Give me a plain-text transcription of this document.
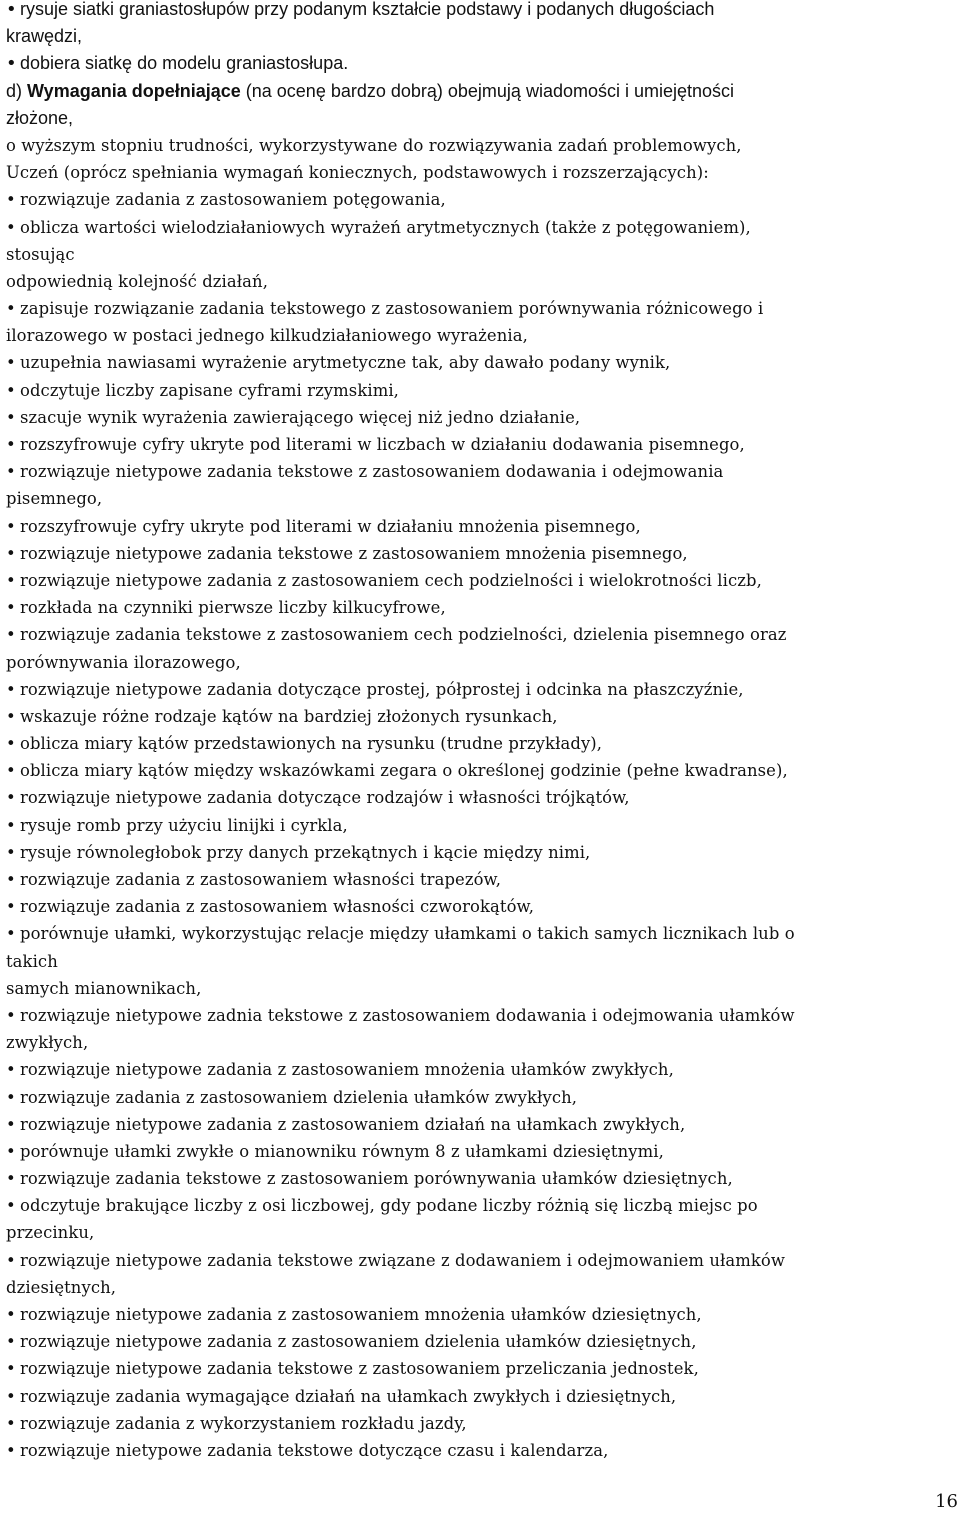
• rysuje siatki graniastosłupów przy podanym kształcie podstawy i podanych długościach
krawędzi,
• dobiera siatkę do modelu graniastosłupa.
d) Wymagania dopełniające (na ocenę bardzo dobrą) obejmują wiadomości i umiejętności
złożone,
o wyższym stopniu trudności, wykorzystywane do rozwiązywania zadań problemowych,
Uczeń (oprócz spełniania wymagań koniecznych, podstawowych i rozszerzających):
• rozwiązuje zadania z zastosowaniem potęgowania,
• oblicza wartości wielodziałaniowych wyrażeń arytmetycznych (także z potęgowaniem),
stosując
odpowiednią kolejność działań,
• zapisuje rozwiązanie zadania tekstowego z zastosowaniem porównywania różnicowego i
ilorazowego w postaci jednego kilkudziałaniowego wyrażenia,
• uzupełnia nawiasami wyrażenie arytmetyczne tak, aby dawało podany wynik,
• odczytuje liczby zapisane cyframi rzymskimi,
• szacuje wynik wyrażenia zawierającego więcej niż jedno działanie,
• rozszyfrowuje cyfry ukryte pod literami w liczbach w działaniu dodawania pisemnego,
• rozwiązuje nietypowe zadania tekstowe z zastosowaniem dodawania i odejmowania
pisemnego,
• rozszyfrowuje cyfry ukryte pod literami w działaniu mnożenia pisemnego,
• rozwiązuje nietypowe zadania tekstowe z zastosowaniem mnożenia pisemnego,
• rozwiązuje nietypowe zadania z zastosowaniem cech podzielności i wielokrotności liczb,
• rozkłada na czynniki pierwsze liczby kilkucyfrowe,
• rozwiązuje zadania tekstowe z zastosowaniem cech podzielności, dzielenia pisemnego oraz
porównywania ilorazowego,
• rozwiązuje nietypowe zadania dotyczące prostej, półprostej i odcinka na płaszczyźnie,
• wskazuje różne rodzaje kątów na bardziej złożonych rysunkach,
• oblicza miary kątów przedstawionych na rysunku (trudne przykłady),
• oblicza miary kątów między wskazówkami zegara o określonej godzinie (pełne kwadranse),
• rozwiązuje nietypowe zadania dotyczące rodzajów i własności trójkątów,
• rysuje romb przy użyciu linijki i cyrkla,
• rysuje równoległobok przy danych przekątnych i kącie między nimi,
• rozwiązuje zadania z zastosowaniem własności trapezów,
• rozwiązuje zadania z zastosowaniem własności czworokątów,
• porównuje ułamki, wykorzystując relacje między ułamkami o takich samych licznikach lub o
takich
samych mianownikach,
• rozwiązuje nietypowe zadnia tekstowe z zastosowaniem dodawania i odejmowania ułamków
zwykłych,
• rozwiązuje nietypowe zadania z zastosowaniem mnożenia ułamków zwykłych,
• rozwiązuje zadania z zastosowaniem dzielenia ułamków zwykłych,
• rozwiązuje nietypowe zadania z zastosowaniem działań na ułamkach zwykłych,
• porównuje ułamki zwykłe o mianowniku równym 8 z ułamkami dziesiętnymi,
• rozwiązuje zadania tekstowe z zastosowaniem porównywania ułamków dziesiętnych,
• odczytuje brakujące liczby z osi liczbowej, gdy podane liczby różnią się liczbą miejsc po
przecinku,
• rozwiązuje nietypowe zadania tekstowe związane z dodawaniem i odejmowaniem ułamków
dziesiętnych,
• rozwiązuje nietypowe zadania z zastosowaniem mnożenia ułamków dziesiętnych,
• rozwiązuje nietypowe zadania z zastosowaniem dzielenia ułamków dziesiętnych,
• rozwiązuje nietypowe zadania tekstowe z zastosowaniem przeliczania jednostek,
• rozwiązuje zadania wymagające działań na ułamkach zwykłych i dziesiętnych,
• rozwiązuje zadania z wykorzystaniem rozkładu jazdy,
• rozwiązuje nietypowe zadania tekstowe dotyczące czasu i kalendarza,
16
